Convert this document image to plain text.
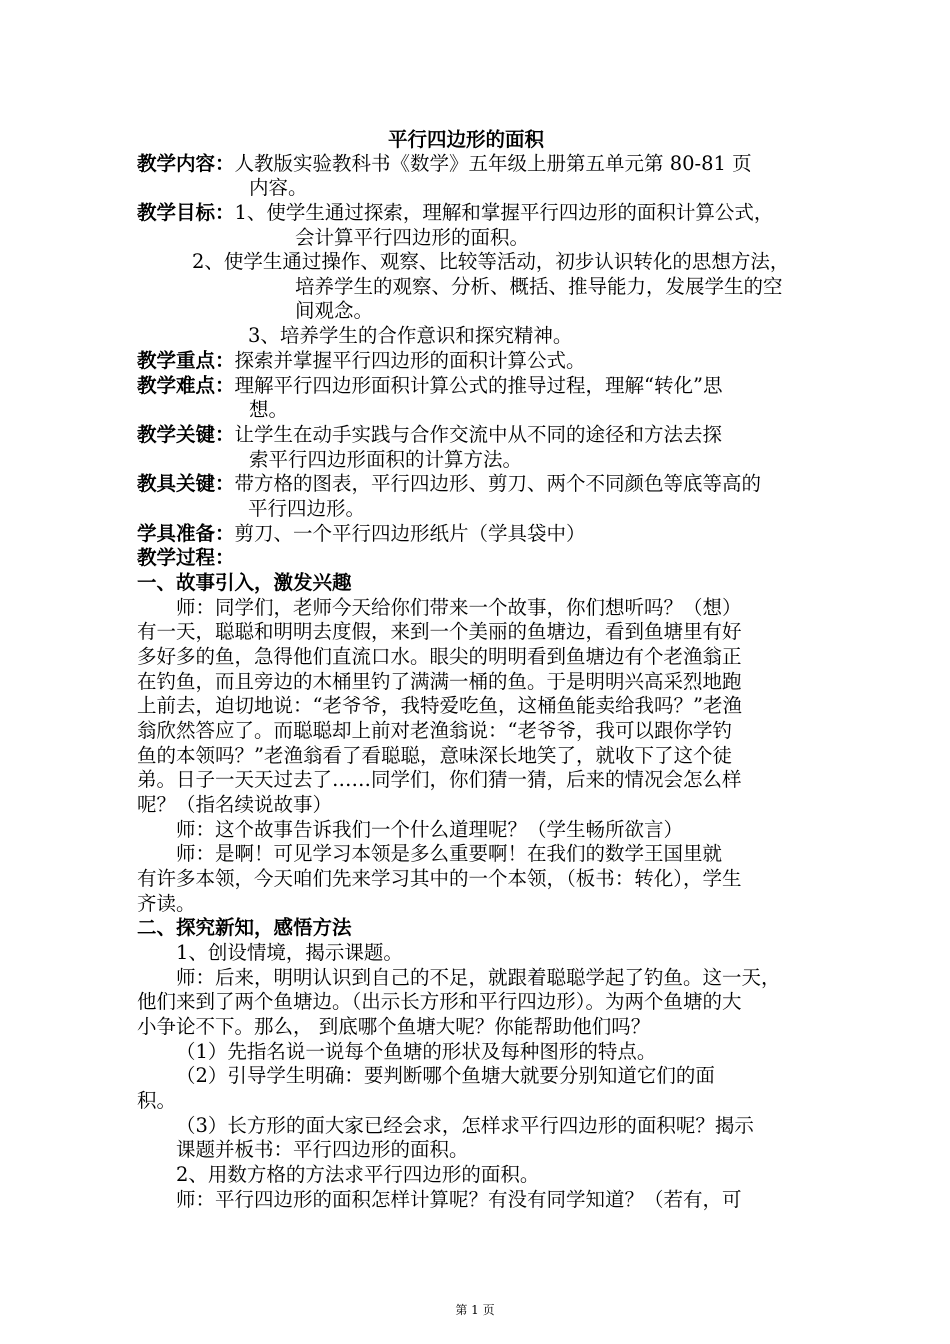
平行四边形的面积
教学内容：人教版实验教科书《数学》五年级上册第五单元第 80-81 页
内容。
教学目标：1、使学生通过探索，理解和掌握平行四边形的面积计算公式，
会计算平行四边形的面积。
2、使学生通过操作、观察、比较等活动，初步认识转化的思想方法，
培养学生的观察、分析、概括、推导能力，发展学生的空
间观念。
3、培养学生的合作意识和探究精神。
教学重点：探索并掌握平行四边形的面积计算公式。
教学难点：理解平行四边形面积计算公式的推导过程，理解“转化”思
想。
教学关键：让学生在动手实践与合作交流中从不同的途径和方法去探
索平行四边形面积的计算方法。
教具关键：带方格的图表，平行四边形、剪刀、两个不同颜色等底等高的
平行四边形。
学具准备：剪刀、一个平行四边形纸片（学具袋中）
教学过程：
一、故事引入，激发兴趣
师：同学们，老师今天给你们带来一个故事，你们想听吗？（想）
有一天，聪聪和明明去度假，来到一个美丽的鱼塘边，看到鱼塘里有好
多好多的鱼，急得他们直流口水。眼尖的明明看到鱼塘边有个老渔翁正
在钓鱼，而且旁边的木桶里钓了满满一桶的鱼。于是明明兴高采烈地跑
上前去，迫切地说：“老爷爷，我特爱吃鱼，这桶鱼能卖给我吗？”老渔
翁欣然答应了。而聪聪却上前对老渔翁说：“老爷爷，我可以跟你学钓
鱼的本领吗？”老渔翁看了看聪聪，意味深长地笑了，就收下了这个徒
弟。日子一天天过去了……同学们，你们猜一猜，后来的情况会怎么样
呢？（指名续说故事）
师：这个故事告诉我们一个什么道理呢？（学生畅所欲言）
师：是啊！可见学习本领是多么重要啊！在我们的数学王国里就
有许多本领，今天咱们先来学习其中的一个本领，（板书：转化），学生
齐读。
二、探究新知，感悟方法
1、创设情境，揭示课题。
师：后来，明明认识到自己的不足，就跟着聪聪学起了钓鱼。这一天，
他们来到了两个鱼塘边。（出示长方形和平行四边形）。为两个鱼塘的大
小争论不下。那么， 到底哪个鱼塘大呢？你能帮助他们吗？
（1）先指名说一说每个鱼塘的形状及每种图形的特点。
（2）引导学生明确：要判断哪个鱼塘大就要分别知道它们的面
积。
（3）长方形的面大家已经会求，怎样求平行四边形的面积呢？揭示
课题并板书：平行四边形的面积。
2、用数方格的方法求平行四边形的面积。
师：平行四边形的面积怎样计算呢？有没有同学知道？（若有，可
第 1 页
